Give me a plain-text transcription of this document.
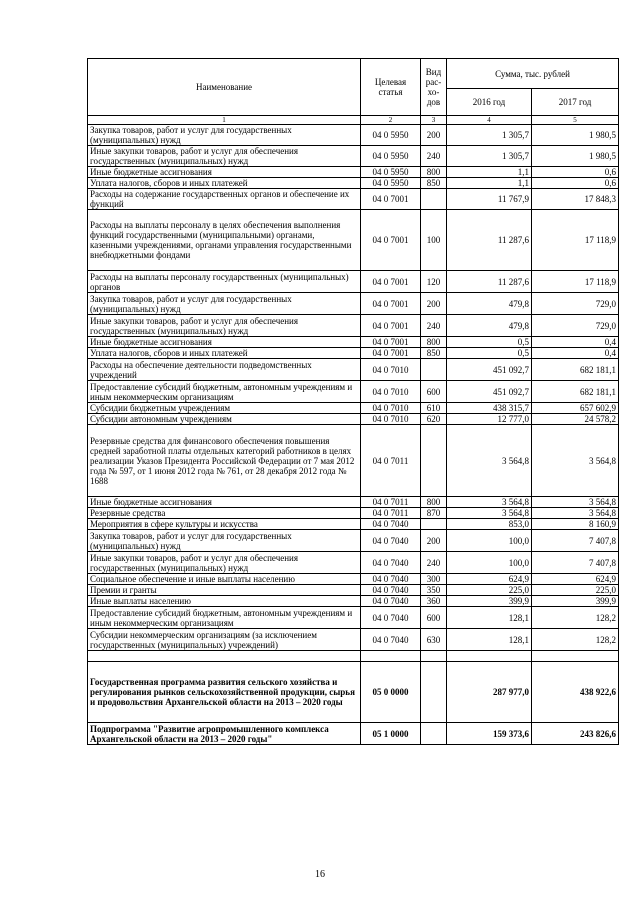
Наименование	Целевая статья	Вид рас-хо-дов	Сумма, тыс. рублей	
			2016 год	2017 год
1	2	3	4	5
Закупка товаров, работ и услуг для государственных (муниципальных) нужд	04 0 5950	200	1 305,7	1 980,5
Иные закупки товаров, работ и услуг для обеспечения государственных (муниципальных) нужд	04 0 5950	240	1 305,7	1 980,5
Иные бюджетные ассигнования	04 0 5950	800	1,1	0,6
Уплата налогов, сборов и иных платежей	04 0 5950	850	1,1	0,6
Расходы на содержание государственных органов и обеспечение их функций	04 0 7001		11 767,9	17 848,3
Расходы на выплаты персоналу в целях обеспечения выполнения функций государственными (муниципальными) органами, казенными учреждениями, органами управления государственными внебюджетными фондами	04 0 7001	100	11 287,6	17 118,9
Расходы на выплаты персоналу государственных (муниципальных) органов	04 0 7001	120	11 287,6	17 118,9
Закупка товаров, работ и услуг для государственных (муниципальных) нужд	04 0 7001	200	479,8	729,0
Иные закупки товаров, работ и услуг для обеспечения государственных (муниципальных) нужд	04 0 7001	240	479,8	729,0
Иные бюджетные ассигнования	04 0 7001	800	0,5	0,4
Уплата налогов, сборов и иных платежей	04 0 7001	850	0,5	0,4
Расходы на обеспечение деятельности подведомственных учреждений	04 0 7010		451 092,7	682 181,1
Предоставление субсидий бюджетным, автономным учреждениям и иным некоммерческим организациям	04 0 7010	600	451 092,7	682 181,1
Субсидии бюджетным учреждениям	04 0 7010	610	438 315,7	657 602,9
Субсидии автономным учреждениям	04 0 7010	620	12 777,0	24 578,2
Резервные средства для финансового обеспечения повышения средней заработной платы отдельных категорий работников в целях реализации Указов Президента Российской Федерации от 7 мая 2012 года № 597, от 1 июня 2012 года № 761, от 28 декабря 2012 года № 1688	04 0 7011		3 564,8	3 564,8
Иные бюджетные ассигнования	04 0 7011	800	3 564,8	3 564,8
Резервные средства	04 0 7011	870	3 564,8	3 564,8
Мероприятия в сфере культуры и искусства	04 0 7040		853,0	8 160,9
Закупка товаров, работ и услуг для государственных (муниципальных) нужд	04 0 7040	200	100,0	7 407,8
Иные закупки товаров, работ и услуг для обеспечения государственных (муниципальных) нужд	04 0 7040	240	100,0	7 407,8
Социальное обеспечение и иные выплаты населению	04 0 7040	300	624,9	624,9
Премии и гранты	04 0 7040	350	225,0	225,0
Иные выплаты населению	04 0 7040	360	399,9	399,9
Предоставление субсидий бюджетным, автономным учреждениям и иным некоммерческим организациям	04 0 7040	600	128,1	128,2
Субсидии некоммерческим организациям (за исключением государственных (муниципальных) учреждений)	04 0 7040	630	128,1	128,2

Государственная программа развития сельского хозяйства и регулирования рынков сельскохозяйственной продукции, сырья и продовольствия Архангельской области на 2013 – 2020 годы	05 0 0000		287 977,0	438 922,6
Подпрограмма "Развитие агропромышленного комплекса Архангельской области на 2013 – 2020 годы"	05 1 0000		159 373,6	243 826,6
16
